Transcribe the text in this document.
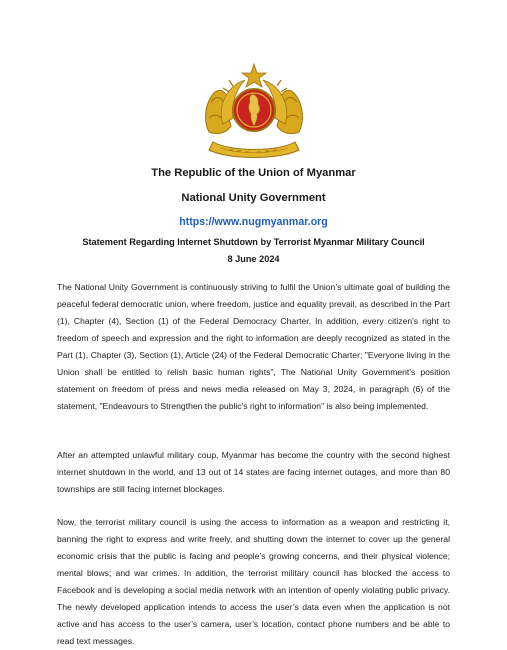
The Republic of the Union of Myanmar

National Unity Government

https://www.nugmyanmar.org

Statement Regarding Internet Shutdown by Terrorist Myanmar Military Council

8 June 2024

The National Unity Government is continuously striving to fulfil the Union’s ultimate goal of building the peaceful federal democratic union, where freedom, justice and equality prevail, as described in the Part (1), Chapter (4), Section (1) of the Federal Democracy Charter. In addition, every citizen's right to freedom of speech and expression and the right to information are deeply recognized as stated in the Part (1), Chapter (3), Section (1), Article (24) of the Federal Democratic Charter; "Everyone living in the Union shall be entitled to relish basic human rights", The National Unity Government's position statement on freedom of press and news media released on May 3, 2024, in paragraph (6) of the statement, "Endeavours to Strengthen the public's right to information" is also being implemented.

After an attempted unlawful military coup, Myanmar has become the country with the second highest internet shutdown in the world, and 13 out of 14 states are facing internet outages, and more than 80 townships are still facing internet blockages.

Now, the terrorist military council is using the access to information as a weapon and restricting it, banning the right to express and write freely, and shutting down the internet to cover up the general economic crisis that the public is facing and people’s growing concerns, and their physical violence; mental blows; and war crimes. In addition, the terrorist military council has blocked the access to Facebook and is developing a social media network with an intention of openly violating public privacy. The newly developed application intends to access the user’s data even when the application is not active and has access to the user’s camera, user’s location, contact phone numbers and be able to read text messages.
